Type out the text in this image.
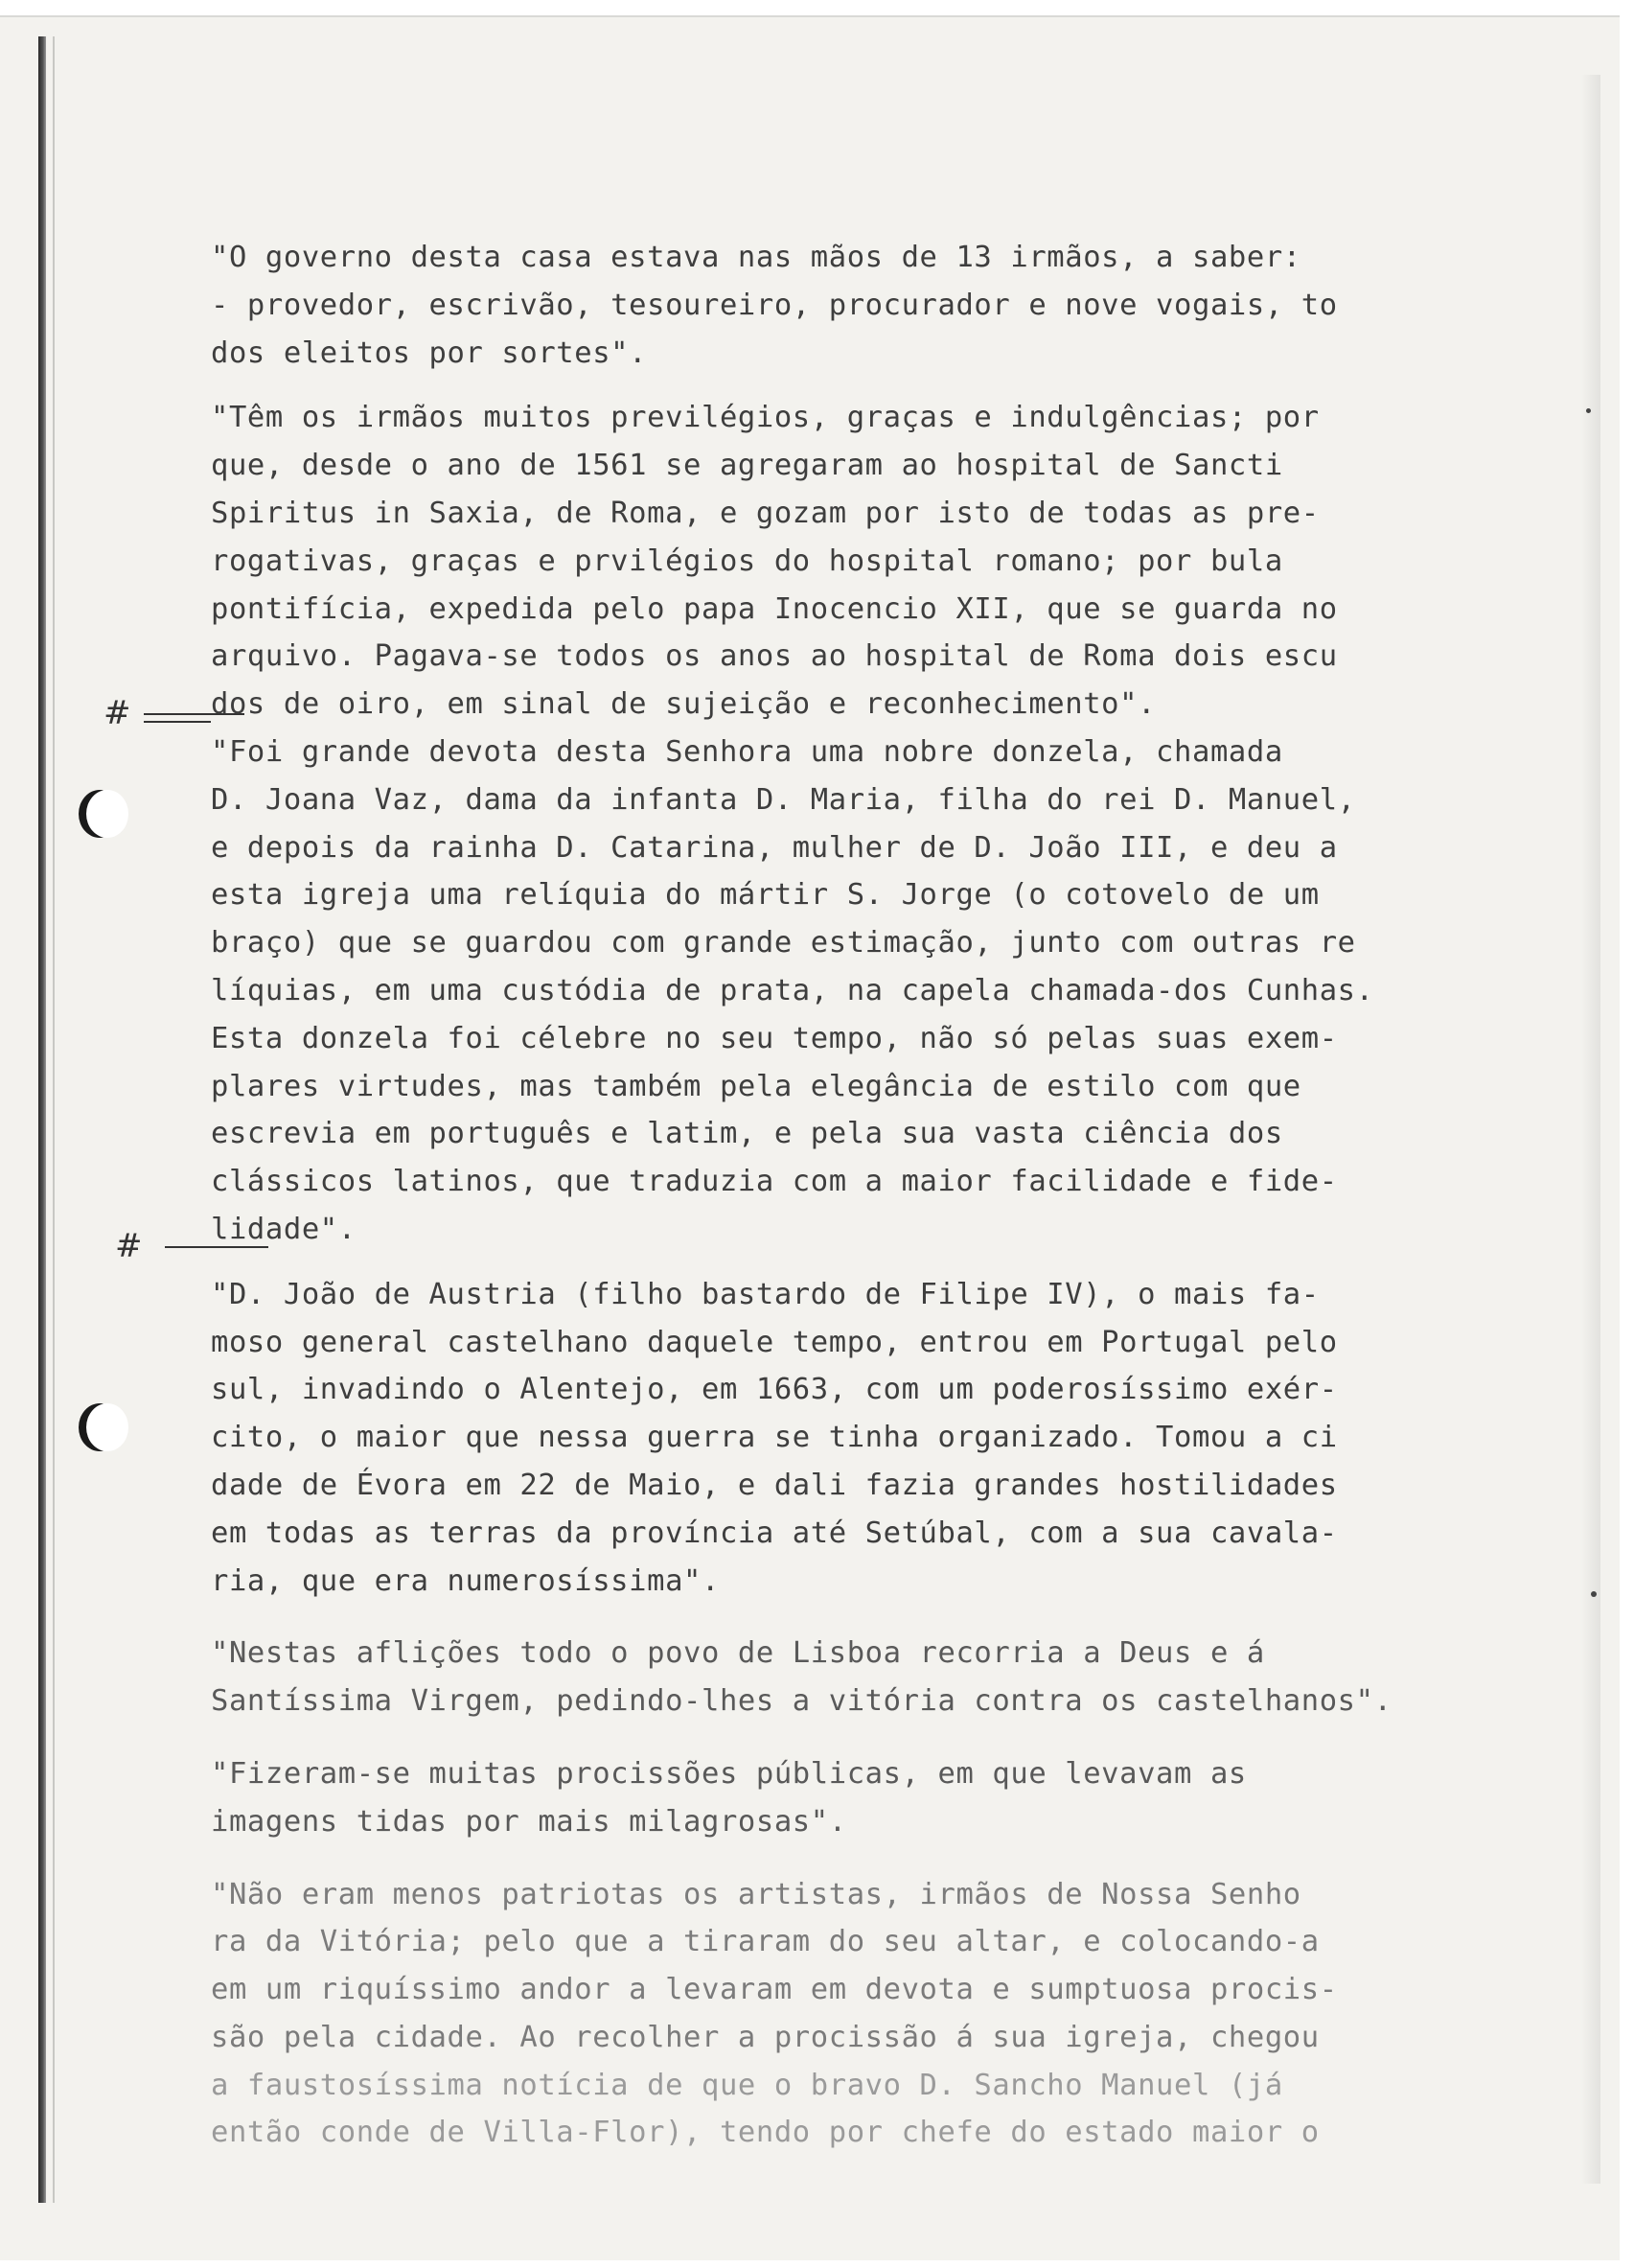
#
#
"O governo desta casa estava nas mãos de 13 irmãos, a saber:
- provedor, escrivão, tesoureiro, procurador e nove vogais, to
dos eleitos por sortes".
"Têm os irmãos muitos previlégios, graças e indulgências; por
que, desde o ano de 1561 se agregaram ao hospital de Sancti
Spiritus in Saxia, de Roma, e gozam por isto de todas as pre-
rogativas, graças e prvilégios do hospital romano; por bula
pontifícia, expedida pelo papa Inocencio XII, que se guarda no
arquivo. Pagava-se todos os anos ao hospital de Roma dois escu
dos de oiro, em sinal de sujeição e reconhecimento".
"Foi grande devota desta Senhora uma nobre donzela, chamada
D. Joana Vaz, dama da infanta D. Maria, filha do rei D. Manuel,
e depois da rainha D. Catarina, mulher de D. João III, e deu a
esta igreja uma relíquia do mártir S. Jorge (o cotovelo de um
braço) que se guardou com grande estimação, junto com outras re
líquias, em uma custódia de prata, na capela chamada-dos Cunhas.
Esta donzela foi célebre no seu tempo, não só pelas suas exem-
plares virtudes, mas também pela elegância de estilo com que
escrevia em português e latim, e pela sua vasta ciência dos
clássicos latinos, que traduzia com a maior facilidade e fide-
lidade".
"D. João de Austria (filho bastardo de Filipe IV), o mais fa-
moso general castelhano daquele tempo, entrou em Portugal pelo
sul, invadindo o Alentejo, em 1663, com um poderosíssimo exér-
cito, o maior que nessa guerra se tinha organizado. Tomou a ci
dade de Évora em 22 de Maio, e dali fazia grandes hostilidades
em todas as terras da província até Setúbal, com a sua cavala-
ria, que era numerosíssima".
"Nestas aflições todo o povo de Lisboa recorria a Deus e á
Santíssima Virgem, pedindo-lhes a vitória contra os castelhanos".
"Fizeram-se muitas procissões públicas, em que levavam as
imagens tidas por mais milagrosas".
"Não eram menos patriotas os artistas, irmãos de Nossa Senho
ra da Vitória; pelo que a tiraram do seu altar, e colocando-a
em um riquíssimo andor a levaram em devota e sumptuosa procis-
são pela cidade. Ao recolher a procissão á sua igreja, chegou
a faustosíssima notícia de que o bravo D. Sancho Manuel (já
então conde de Villa-Flor), tendo por chefe do estado maior o
